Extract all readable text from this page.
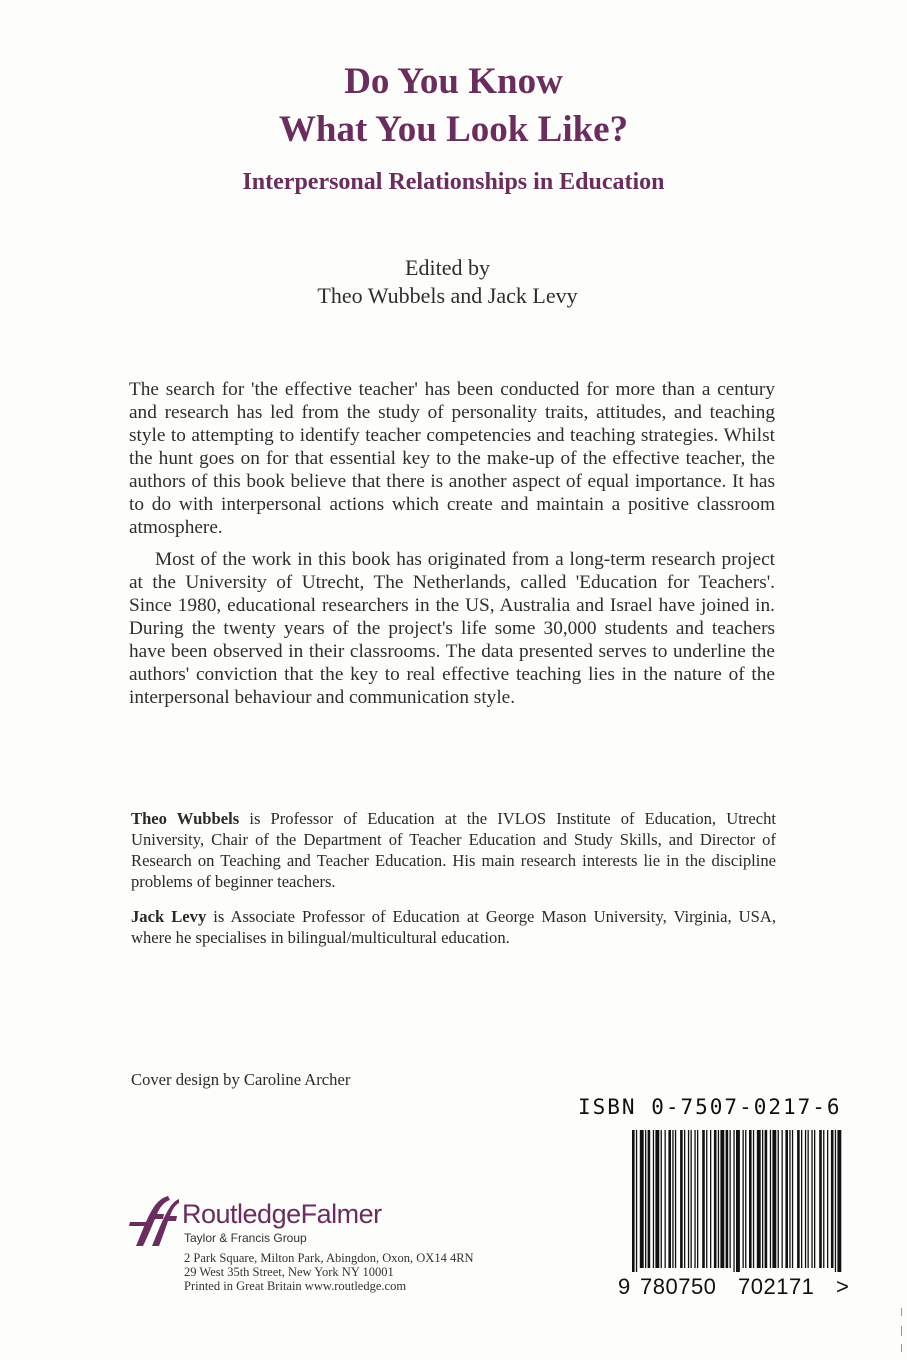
Do You Know
What You Look Like?
Interpersonal Relationships in Education
Edited by
Theo Wubbels and Jack Levy

The search for 'the effective teacher' has been conducted for more than a century and research has led from the study of personality traits, attitudes, and teaching style to attempting to identify teacher competencies and teaching strategies. Whilst the hunt goes on for that essential key to the make-up of the effective teacher, the authors of this book believe that there is another aspect of equal importance. It has to do with interpersonal actions which create and maintain a positive classroom atmosphere.

Most of the work in this book has originated from a long-term research project at the University of Utrecht, The Netherlands, called 'Education for Teachers'. Since 1980, educational researchers in the US, Australia and Israel have joined in. During the twenty years of the project's life some 30,000 students and teachers have been observed in their classrooms. The data presented serves to underline the authors' conviction that the key to real effective teaching lies in the nature of the interpersonal behaviour and communication style.

Theo Wubbels is Professor of Education at the IVLOS Institute of Education, Utrecht University, Chair of the Department of Teacher Education and Study Skills, and Director of Research on Teaching and Teacher Education. His main research interests lie in the discipline problems of beginner teachers.

Jack Levy is Associate Professor of Education at George Mason University, Virginia, USA, where he specialises in bilingual/multicultural education.

Cover design by Caroline Archer
ISBN 0-7507-0217-6
9 780750 702171 >
RoutledgeFalmer
Taylor & Francis Group
2 Park Square, Milton Park, Abingdon, Oxon, OX14 4RN
29 West 35th Street, New York NY 10001
Printed in Great Britain www.routledge.com
